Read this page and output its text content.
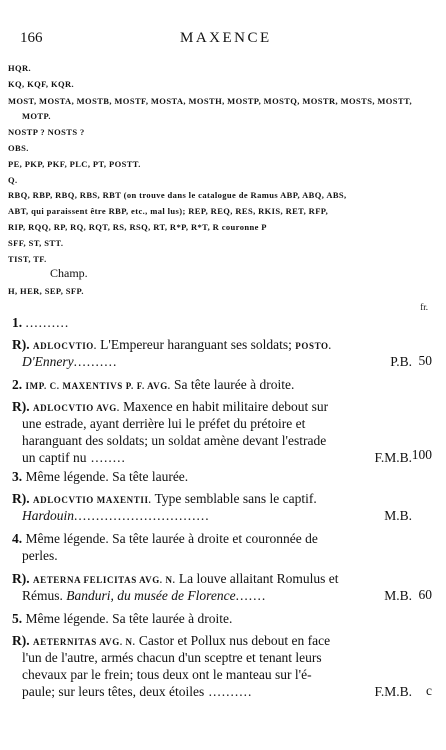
166	MAXENCE
HQR.
KQ, KQF, KQR.
MOST, MOSTA, MOSTB, MOSTF, MOSTA, MOSTH, MOSTP, MOSTQ, MOSTR, MOSTS, MOSTT,
MOTP.
NOSTP ? NOSTS ?
OBS.
PE, PKP, PKF, PLC, PT, POSTT.
Q.
RBQ, RBP, RBQ, RBS, RBT (on trouve dans le catalogue de Ramus ABP, ABQ, ABS,
ABT, qui paraissent être RBP, etc., mal lus); REP, REQ, RES, RKIS, RET, RFP,
RIP, RQQ, RP, RQ, RQT, RS, RSQ, RT, R*P, R*T, R couronne P
SFF, ST, STT.
TIST, TF.
Champ.
H, HER, SEP, SFP.
fr.
1. ..........
R). ADLOCVTIO. L'Empereur haranguant ses soldats; POSTO.
D'Ennery..........	P.B. 50
2. IMP. C. MAXENTIVS P. F. AVG. Sa tête laurée à droite.
R). ADLOCVTIO AVG. Maxence en habit militaire debout sur
une estrade, ayant derrière lui le préfet du prétoire et
haranguant des soldats; un soldat amène devant l'estrade
un captif nu ........	F.M.B. 100
3. Même légende. Sa tête laurée.
R). ADLOCVTIO MAXENTII. Type semblable sans le captif.
Hardouin...............................	M.B.
4. Même légende. Sa tête laurée à droite et couronnée de
perles.
R). AETERNA FELICITAS AVG. N. La louve allaitant Romulus et
Rémus. Banduri, du musée de Florence.......	M.B. 60
5. Même légende. Sa tête laurée à droite.
R). AETERNITAS AVG. N. Castor et Pollux nus debout en face
l'un de l'autre, armés chacun d'un sceptre et tenant leurs
chevaux par le frein; tous deux ont le manteau sur l'é-
paule; sur leurs têtes, deux étoiles ..........	F.M.B. c
